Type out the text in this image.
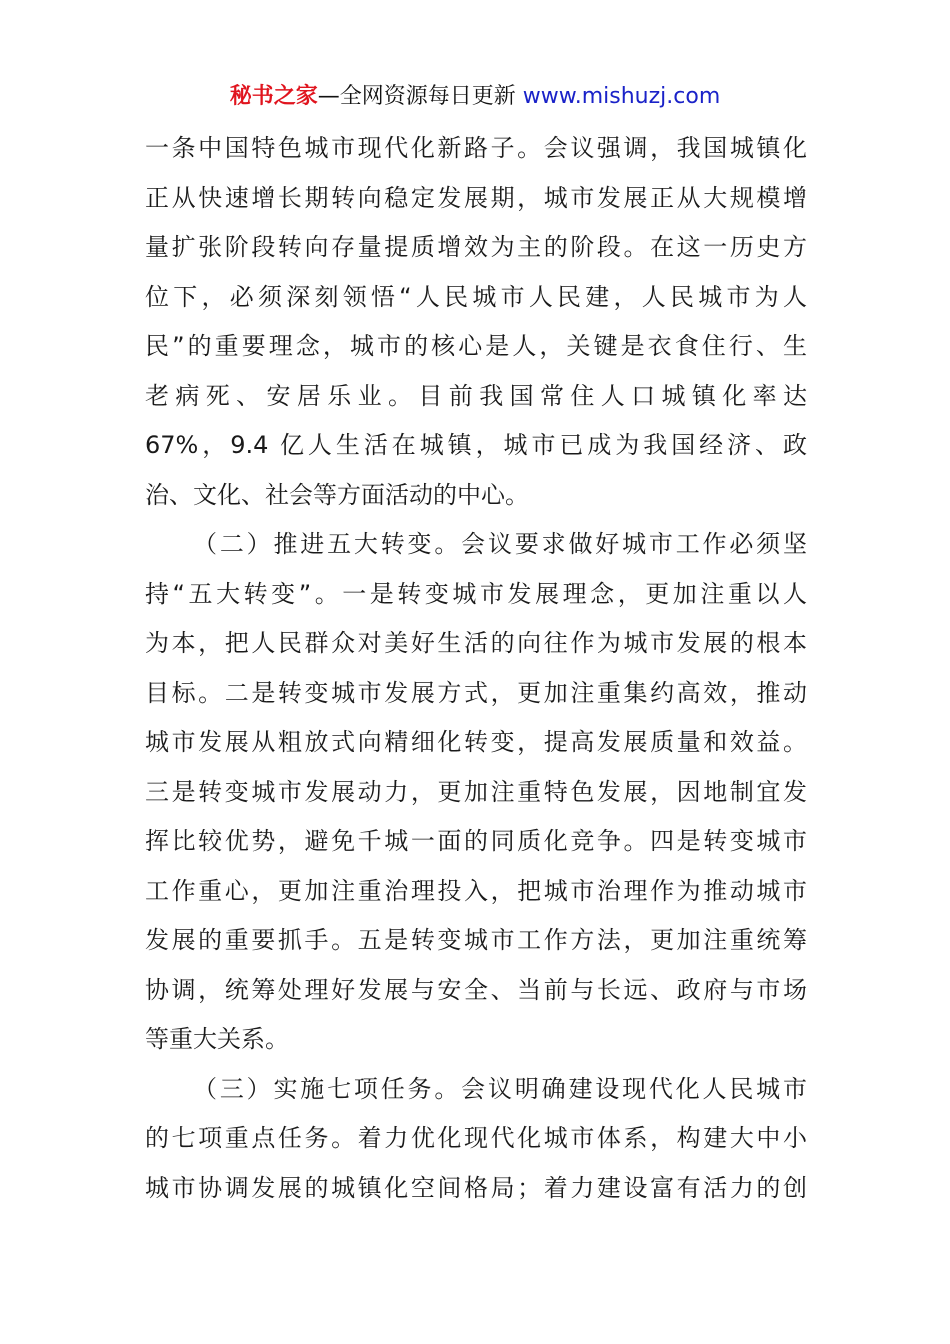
秘书之家—全网资源每日更新 www.mishuzj.com
一条中国特色城市现代化新路子。会议强调，我国城镇化
正从快速增长期转向稳定发展期，城市发展正从大规模增
量扩张阶段转向存量提质增效为主的阶段。在这一历史方
位下，必须深刻领悟“人民城市人民建，人民城市为人
民”的重要理念，城市的核心是人，关键是衣食住行、生
老病死、安居乐业。目前我国常住人口城镇化率达
67%，9.4 亿人生活在城镇，城市已成为我国经济、政
治、文化、社会等方面活动的中心。
（二）推进五大转变。会议要求做好城市工作必须坚
持“五大转变”。一是转变城市发展理念，更加注重以人
为本，把人民群众对美好生活的向往作为城市发展的根本
目标。二是转变城市发展方式，更加注重集约高效，推动
城市发展从粗放式向精细化转变，提高发展质量和效益。
三是转变城市发展动力，更加注重特色发展，因地制宜发
挥比较优势，避免千城一面的同质化竞争。四是转变城市
工作重心，更加注重治理投入，把城市治理作为推动城市
发展的重要抓手。五是转变城市工作方法，更加注重统筹
协调，统筹处理好发展与安全、当前与长远、政府与市场
等重大关系。
（三）实施七项任务。会议明确建设现代化人民城市
的七项重点任务。着力优化现代化城市体系，构建大中小
城市协调发展的城镇化空间格局；着力建设富有活力的创
